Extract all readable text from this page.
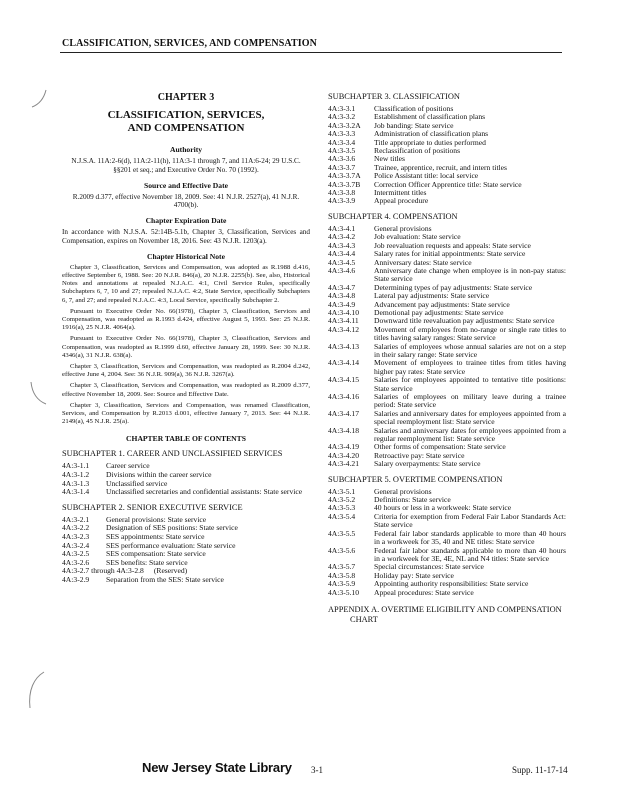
CLASSIFICATION, SERVICES, AND COMPENSATION
CHAPTER 3
CLASSIFICATION, SERVICES,
AND COMPENSATION
Authority
N.J.S.A. 11A:2-6(d), 11A:2-11(h), 11A:3-1 through 7, and 11A:6-24; 29 U.S.C. §§201 et seq.; and Executive Order No. 70 (1992).
Source and Effective Date
R.2009 d.377, effective November 18, 2009. See: 41 N.J.R. 2527(a), 41 N.J.R. 4700(b).
Chapter Expiration Date
In accordance with N.J.S.A. 52:14B-5.1b, Chapter 3, Classification, Services and Compensation, expires on November 18, 2016. See: 43 N.J.R. 1203(a).
Chapter Historical Note
Chapter 3, Classification, Services and Compensation, was adopted as R.1988 d.416, effective September 6, 1988. See: 20 N.J.R. 846(a), 20 N.J.R. 2255(b). See, also, Historical Notes and annotations at repealed N.J.A.C. 4:1, Civil Service Rules, specifically Subchapters 6, 7, 10 and 27; repealed N.J.A.C. 4:2, State Service, specifically Subchapters 6, 7, and 27; and repealed N.J.A.C. 4:3, Local Service, specifically Subchapter 2.
Pursuant to Executive Order No. 66(1978), Chapter 3, Classification, Services and Compensation, was readopted as R.1993 d.424, effective August 5, 1993. See: 25 N.J.R. 1916(a), 25 N.J.R. 4064(a).
Pursuant to Executive Order No. 66(1978), Chapter 3, Classification, Services and Compensation, was readopted as R.1999 d.60, effective January 28, 1999. See: 30 N.J.R. 4346(a), 31 N.J.R. 638(a).
Chapter 3, Classification, Services and Compensation, was readopted as R.2004 d.242, effective June 4, 2004. See: 36 N.J.R. 909(a), 36 N.J.R. 3267(a).
Chapter 3, Classification, Services and Compensation, was readopted as R.2009 d.377, effective November 18, 2009. See: Source and Effective Date.
Chapter 3, Classification, Services and Compensation, was renamed Classification, Services, and Compensation by R.2013 d.001, effective January 7, 2013. See: 44 N.J.R. 2149(a), 45 N.J.R. 25(a).
CHAPTER TABLE OF CONTENTS
SUBCHAPTER 1. CAREER AND UNCLASSIFIED SERVICES
4A:3-1.1	Career service
4A:3-1.2	Divisions within the career service
4A:3-1.3	Unclassified service
4A:3-1.4	Unclassified secretaries and confidential assistants: State service
SUBCHAPTER 2. SENIOR EXECUTIVE SERVICE
4A:3-2.1	General provisions: State service
4A:3-2.2	Designation of SES positions: State service
4A:3-2.3	SES appointments: State service
4A:3-2.4	SES performance evaluation: State service
4A:3-2.5	SES compensation: State service
4A:3-2.6	SES benefits: State service
4A:3-2.7 through 4A:3-2.8	(Reserved)
4A:3-2.9	Separation from the SES: State service
SUBCHAPTER 3. CLASSIFICATION
4A:3-3.1	Classification of positions
4A:3-3.2	Establishment of classification plans
4A:3-3.2A	Job banding: State service
4A:3-3.3	Administration of classification plans
4A:3-3.4	Title appropriate to duties performed
4A:3-3.5	Reclassification of positions
4A:3-3.6	New titles
4A:3-3.7	Trainee, apprentice, recruit, and intern titles
4A:3-3.7A	Police Assistant title: local service
4A:3-3.7B	Correction Officer Apprentice title: State service
4A:3-3.8	Intermittent titles
4A:3-3.9	Appeal procedure
SUBCHAPTER 4. COMPENSATION
4A:3-4.1	General provisions
4A:3-4.2	Job evaluation: State service
4A:3-4.3	Job reevaluation requests and appeals: State service
4A:3-4.4	Salary rates for initial appointments: State service
4A:3-4.5	Anniversary dates: State service
4A:3-4.6	Anniversary date change when employee is in non-pay status: State service
4A:3-4.7	Determining types of pay adjustments: State service
4A:3-4.8	Lateral pay adjustments: State service
4A:3-4.9	Advancement pay adjustments: State service
4A:3-4.10	Demotional pay adjustments: State service
4A:3-4.11	Downward title reevaluation pay adjustments: State service
4A:3-4.12	Movement of employees from no-range or single rate titles to titles having salary ranges: State service
4A:3-4.13	Salaries of employees whose annual salaries are not on a step in their salary range: State service
4A:3-4.14	Movement of employees to trainee titles from titles having higher pay rates: State service
4A:3-4.15	Salaries for employees appointed to tentative title positions: State service
4A:3-4.16	Salaries of employees on military leave during a trainee period: State service
4A:3-4.17	Salaries and anniversary dates for employees appointed from a special reemployment list: State service
4A:3-4.18	Salaries and anniversary dates for employees appointed from a regular reemployment list: State service
4A:3-4.19	Other forms of compensation: State service
4A:3-4.20	Retroactive pay: State service
4A:3-4.21	Salary overpayments: State service
SUBCHAPTER 5. OVERTIME COMPENSATION
4A:3-5.1	General provisions
4A:3-5.2	Definitions: State service
4A:3-5.3	40 hours or less in a workweek: State service
4A:3-5.4	Criteria for exemption from Federal Fair Labor Standards Act: State service
4A:3-5.5	Federal fair labor standards applicable to more than 40 hours in a workweek for 35, 40 and NE titles: State service
4A:3-5.6	Federal fair labor standards applicable to more than 40 hours in a workweek for 3E, 4E, NL and N4 titles: State service
4A:3-5.7	Special circumstances: State service
4A:3-5.8	Holiday pay: State service
4A:3-5.9	Appointing authority responsibilities: State service
4A:3-5.10	Appeal procedures: State service
APPENDIX A. OVERTIME ELIGIBILITY AND COMPENSATION CHART
New Jersey State Library 3-1	Supp. 11-17-14
